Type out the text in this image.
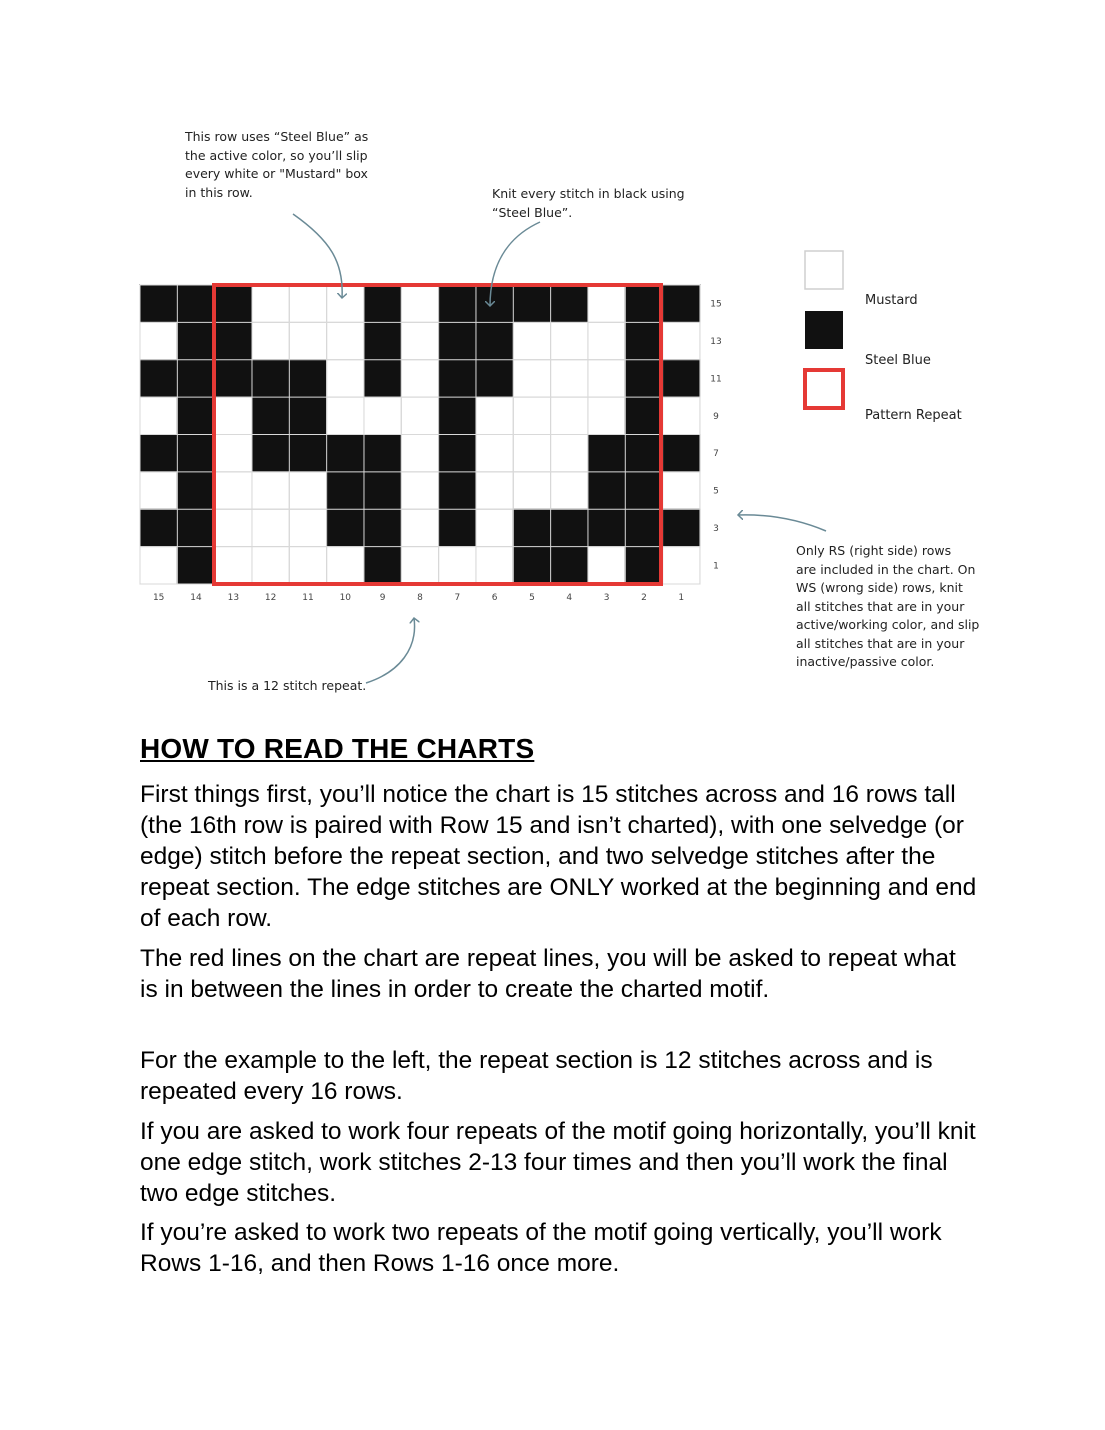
15	14	13	12	11	10	9	8	7	6	5	4	3	2	1
15
13
11
9
7
5
3
1
This row uses “Steel Blue” as
the active color, so you’ll slip
every white or "Mustard" box
in this row.	Knit every stitch in black using
“Steel Blue”.
Only RS (right side) rows
are included in the chart. On
WS (wrong side) rows, knit
all stitches that are in your
active/working color, and slip
all stitches that are in your
inactive/passive color.
This is a 12 stitch repeat.
Mustard
Steel Blue
Pattern Repeat
HOW TO READ THE CHARTS
First things first, you’ll notice the chart is 15 stitches across and 16 rows tall (the 16th row is paired with Row 15 and isn’t charted), with one selvedge (or edge) stitch before the repeat section, and two selvedge stitches after the repeat section. The edge stitches are ONLY worked at the beginning and end of each row.
The red lines on the chart are repeat lines, you will be asked to repeat what is in between the lines in order to create the charted motif.
For the example to the left, the repeat section is 12 stitches across and is repeated every 16 rows.
If you are asked to work four repeats of the motif going horizontally, you’ll knit one edge stitch, work stitches 2-13 four times and then you’ll work the final two edge stitches.
If you’re asked to work two repeats of the motif going vertically, you’ll work Rows 1-16, and then Rows 1-16 once more.
